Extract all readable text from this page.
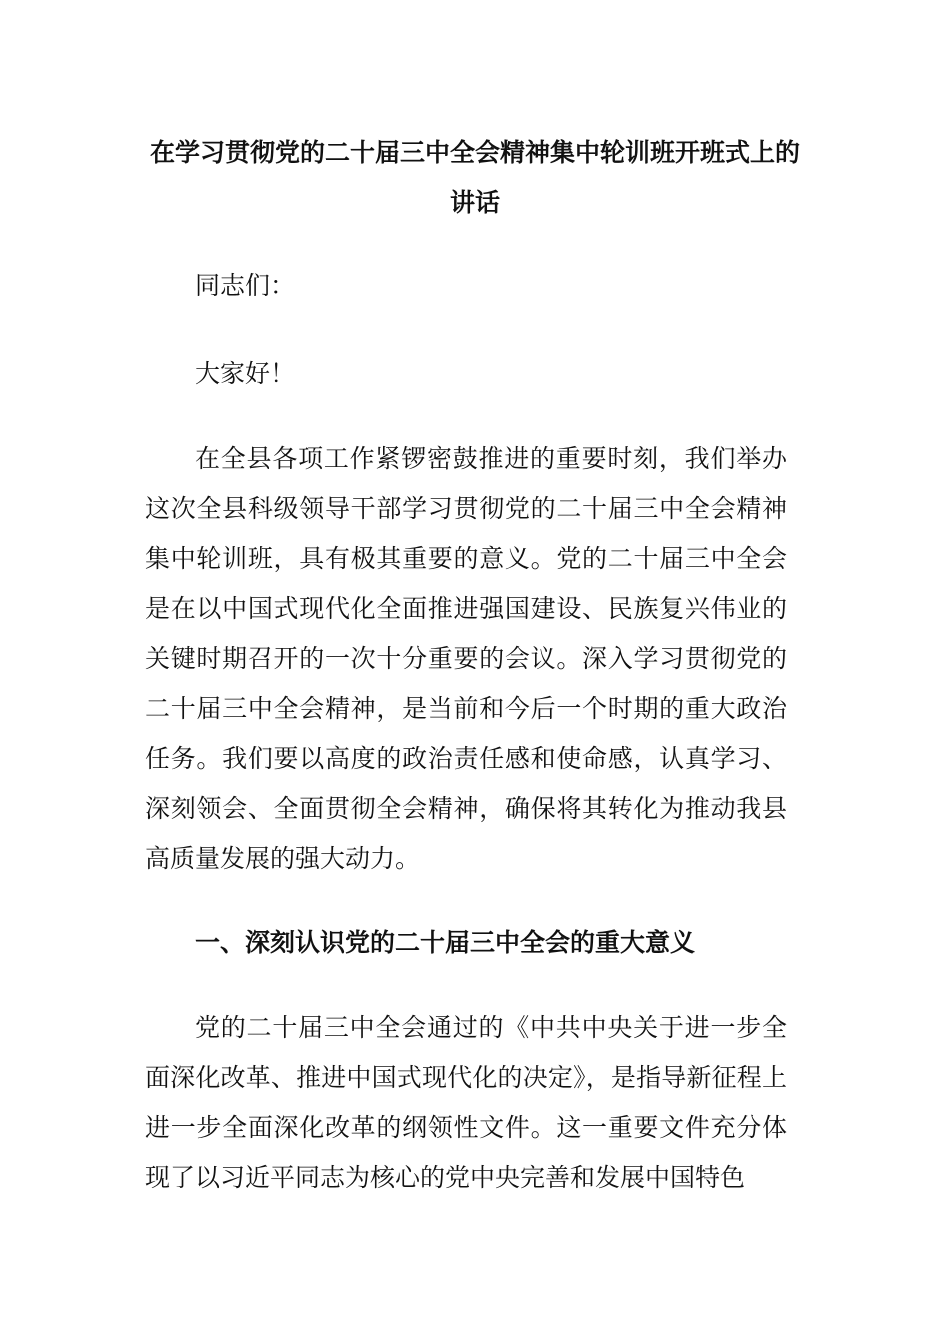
在学习贯彻党的二十届三中全会精神集中轮训班开班式上的讲话
同志们：
大家好！
在全县各项工作紧锣密鼓推进的重要时刻，我们举办这次全县科级领导干部学习贯彻党的二十届三中全会精神集中轮训班，具有极其重要的意义。党的二十届三中全会是在以中国式现代化全面推进强国建设、民族复兴伟业的关键时期召开的一次十分重要的会议。深入学习贯彻党的二十届三中全会精神，是当前和今后一个时期的重大政治任务。我们要以高度的政治责任感和使命感，认真学习、深刻领会、全面贯彻全会精神，确保将其转化为推动我县高质量发展的强大动力。
一、深刻认识党的二十届三中全会的重大意义
党的二十届三中全会通过的《中共中央关于进一步全面深化改革、推进中国式现代化的决定》，是指导新征程上进一步全面深化改革的纲领性文件。这一重要文件充分体现了以习近平同志为核心的党中央完善和发展中国特色
